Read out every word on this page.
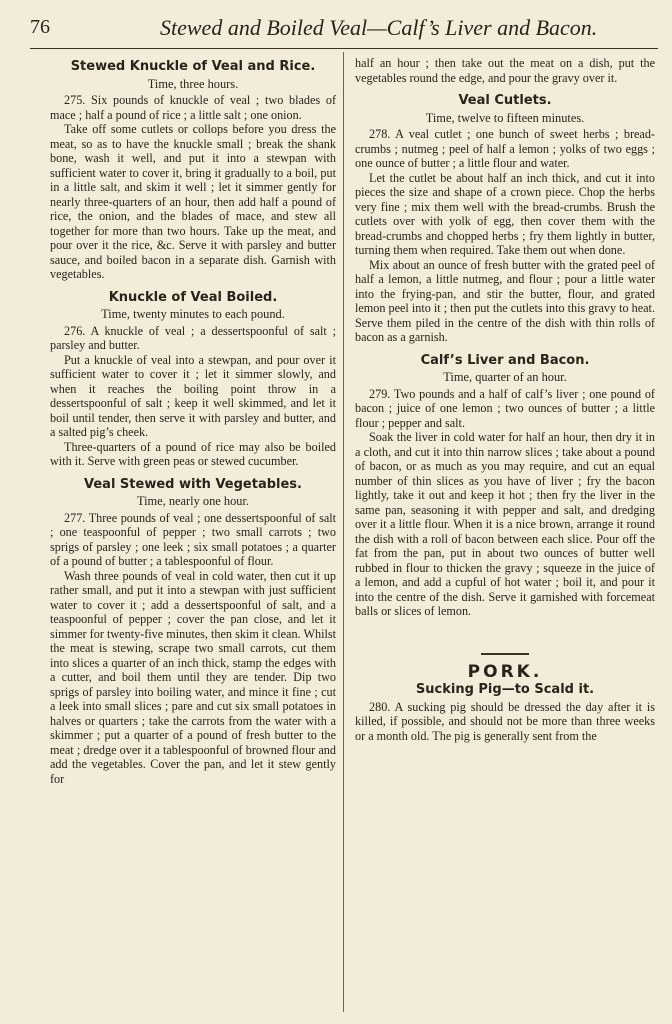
76	Stewed and Boiled Veal—Calf’s Liver and Bacon.
Stewed Knuckle of Veal and Rice.
Time, three hours.

275. Six pounds of knuckle of veal ; two blades of mace ; half a pound of rice ; a little salt ; one onion.

Take off some cutlets or collops before you dress the meat, so as to have the knuckle small ; break the shank bone, wash it well, and put it into a stewpan with sufficient water to cover it, bring it gradually to a boil, put in a little salt, and skim it well ; let it simmer gently for nearly three-quarters of an hour, then add half a pound of rice, the onion, and the blades of mace, and stew all together for more than two hours. Take up the meat, and pour over it the rice, &c. Serve it with parsley and butter sauce, and boiled bacon in a separate dish. Garnish with vegetables.

Knuckle of Veal Boiled.
Time, twenty minutes to each pound.

276. A knuckle of veal ; a dessertspoonful of salt ; parsley and butter.

Put a knuckle of veal into a stewpan, and pour over it sufficient water to cover it ; let it simmer slowly, and when it reaches the boiling point throw in a dessertspoonful of salt ; keep it well skimmed, and let it boil until tender, then serve it with parsley and butter, and a salted pig’s cheek.

Three-quarters of a pound of rice may also be boiled with it. Serve with green peas or stewed cucumber.

Veal Stewed with Vegetables.
Time, nearly one hour.

277. Three pounds of veal ; one dessertspoonful of salt ; one teaspoonful of pepper ; two small carrots ; two sprigs of parsley ; one leek ; six small potatoes ; a quarter of a pound of butter ; a tablespoonful of flour.

Wash three pounds of veal in cold water, then cut it up rather small, and put it into a stewpan with just sufficient water to cover it ; add a dessertspoonful of salt, and a teaspoonful of pepper ; cover the pan close, and let it simmer for twenty-five minutes, then skim it clean. Whilst the meat is stewing, scrape two small carrots, cut them into slices a quarter of an inch thick, stamp the edges with a cutter, and boil them until they are tender. Dip two sprigs of parsley into boiling water, and mince it fine ; cut a leek into small slices ; pare and cut six small potatoes in halves or quarters ; take the carrots from the water with a skimmer ; put a quarter of a pound of fresh butter to the meat ; dredge over it a tablespoonful of browned flour and add the vegetables. Cover the pan, and let it stew gently for

half an hour ; then take out the meat on a dish, put the vegetables round the edge, and pour the gravy over it.

Veal Cutlets.
Time, twelve to fifteen minutes.

278. A veal cutlet ; one bunch of sweet herbs ; bread-crumbs ; nutmeg ; peel of half a lemon ; yolks of two eggs ; one ounce of butter ; a little flour and water.

Let the cutlet be about half an inch thick, and cut it into pieces the size and shape of a crown piece. Chop the herbs very fine ; mix them well with the bread-crumbs. Brush the cutlets over with yolk of egg, then cover them with the bread-crumbs and chopped herbs ; fry them lightly in butter, turning them when required. Take them out when done.

Mix about an ounce of fresh butter with the grated peel of half a lemon, a little nutmeg, and flour ; pour a little water into the frying-pan, and stir the butter, flour, and grated lemon peel into it ; then put the cutlets into this gravy to heat. Serve them piled in the centre of the dish with thin rolls of bacon as a garnish.

Calf’s Liver and Bacon.
Time, quarter of an hour.

279. Two pounds and a half of calf’s liver ; one pound of bacon ; juice of one lemon ; two ounces of butter ; a little flour ; pepper and salt.

Soak the liver in cold water for half an hour, then dry it in a cloth, and cut it into thin narrow slices ; take about a pound of bacon, or as much as you may require, and cut an equal number of thin slices as you have of liver ; fry the bacon lightly, take it out and keep it hot ; then fry the liver in the same pan, seasoning it with pepper and salt, and dredging over it a little flour. When it is a nice brown, arrange it round the dish with a roll of bacon between each slice. Pour off the fat from the pan, put in about two ounces of butter well rubbed in flour to thicken the gravy ; squeeze in the juice of a lemon, and add a cupful of hot water ; boil it, and pour it into the centre of the dish. Serve it garnished with forcemeat balls or slices of lemon.

PORK.
Sucking Pig—to Scald it.

280. A sucking pig should be dressed the day after it is killed, if possible, and should not be more than three weeks or a month old. The pig is generally sent from the
